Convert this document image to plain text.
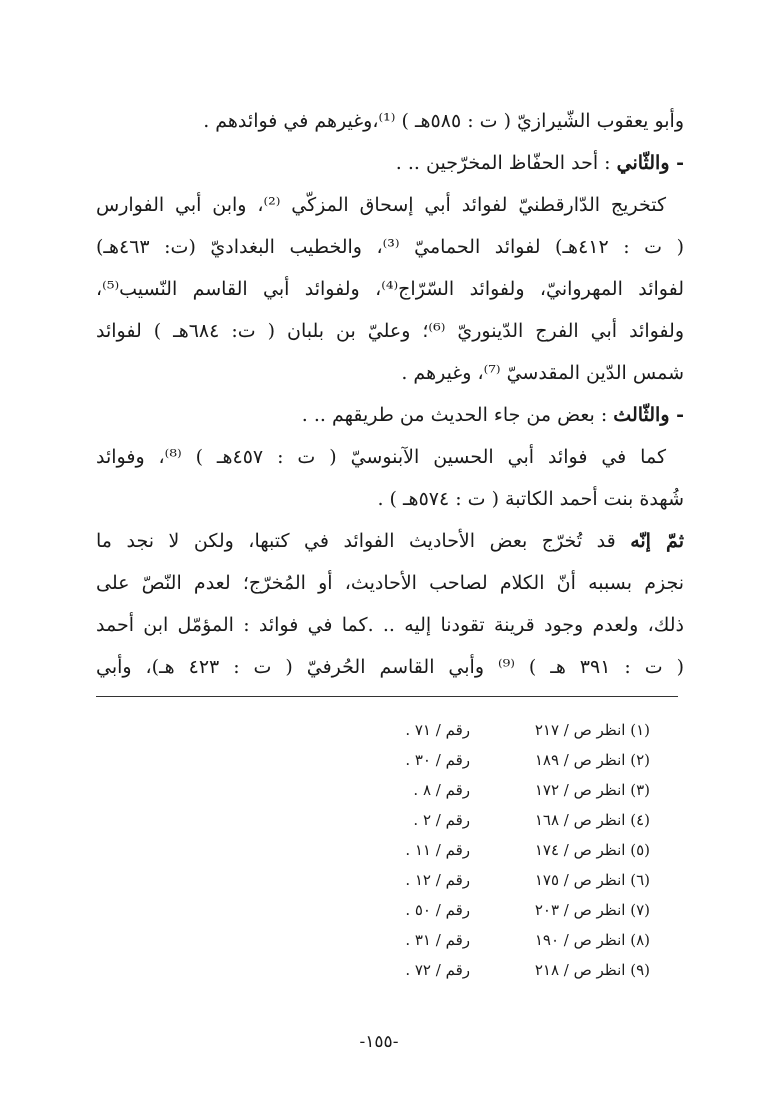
وأبو يعقوب الشّيرازيّ ( ت : ٥٨٥هـ ) ⁽¹⁾،وغيرهم في فوائدهم .
- والثّاني : أحد الحفّاظ المخرّجين .. .
كتخريج الدّارقطنيّ لفوائد أبي إسحاق المزكّي ⁽²⁾، وابن أبي الفوارس
( ت : ٤١٢هـ) لفوائد الحماميّ ⁽³⁾، والخطيب البغداديّ (ت: ٤٦٣هـ)
لفوائد المهروانيّ، ولفوائد السّرّاج⁽⁴⁾، ولفوائد أبي القاسم النّسيب⁽⁵⁾،
ولفوائد أبي الفرج الدّينوريّ ⁽⁶⁾؛ وعليّ بن بلبان ( ت: ٦٨٤هـ ) لفوائد
شمس الدّين المقدسيّ ⁽⁷⁾، وغيرهم .
- والثّالث : بعض من جاء الحديث من طريقهم .. .
كما في فوائد أبي الحسين الآبنوسيّ ( ت : ٤٥٧هـ ) ⁽⁸⁾، وفوائد
شُهدة بنت أحمد الكاتبة ( ت : ٥٧٤هـ ) .
ثمّ إنّه قد تُخرّج بعض الأحاديث الفوائد في كتبها، ولكن لا نجد ما
نجزم بسببه أنّ الكلام لصاحب الأحاديث، أو المُخرّج؛ لعدم النّصّ على
ذلك، ولعدم وجود قرينة تقودنا إليه .. .كما في فوائد : المؤمّل ابن أحمد
( ت : ٣٩١ هـ ) ⁽⁹⁾ وأبي القاسم الحُرفيّ ( ت : ٤٢٣ هـ)، وأبي
(١) انظر ص / ٢١٧
رقم / ٧١ .
(٢) انظر ص / ١٨٩
رقم / ٣٠ .
(٣) انظر ص / ١٧٢
رقم / ٨ .
(٤) انظر ص / ١٦٨
رقم / ٢ .
(٥) انظر ص / ١٧٤
رقم / ١١ .
(٦) انظر ص / ١٧٥
رقم / ١٢ .
(٧) انظر ص / ٢٠٣
رقم / ٥٠ .
(٨) انظر ص / ١٩٠
رقم / ٣١ .
(٩) انظر ص / ٢١٨
رقم / ٧٢ .
-١٥٥-
